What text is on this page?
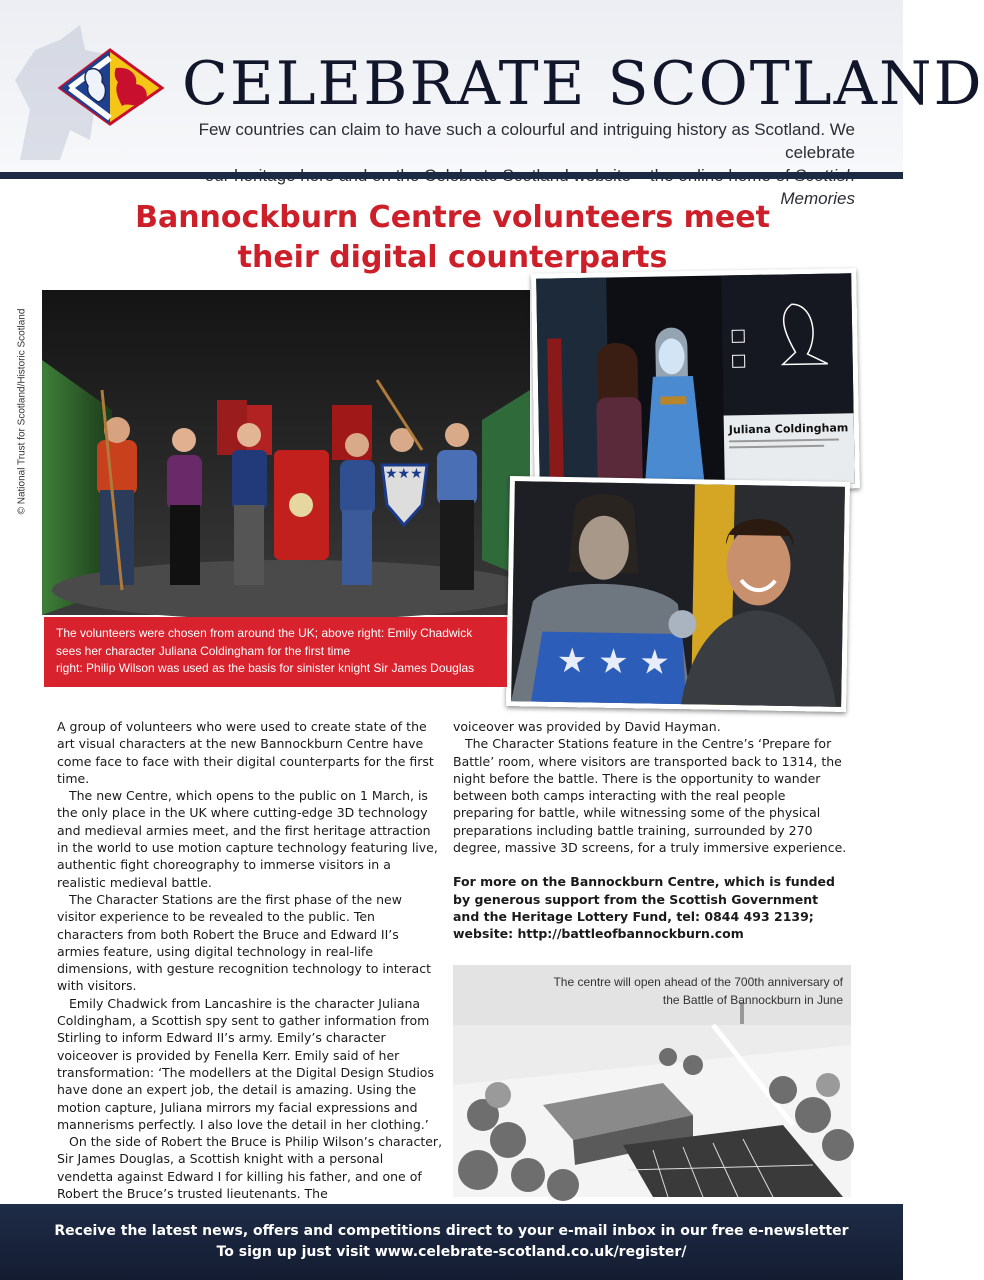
CELEBRATE SCOTLAND
Few countries can claim to have such a colourful and intriguing history as Scotland. We celebrate
Memories
Bannockburn Centre volunteers meet
their digital counterparts
© National Trust for Scotland/Historic Scotland	★★★
Juliana Coldingham
★ ★ ★
The volunteers were chosen from around the UK; above right: Emily Chadwick
sees her character Juliana Coldingham for the first time
right: Philip Wilson was used as the basis for sinister knight Sir James Douglas

A group of volunteers who were used to create state of the art visual characters at the new Bannockburn Centre have come face to face with their digital counterparts for the first time.

The new Centre, which opens to the public on 1 March, is the only place in the UK where cutting-edge 3D technology and medieval armies meet, and the first heritage attraction in the world to use motion capture technology featuring live, authentic fight choreography to immerse visitors in a realistic medieval battle.

The Character Stations are the first phase of the new visitor experience to be revealed to the public. Ten characters from both Robert the Bruce and Edward II’s armies feature, using digital technology in real-life dimensions, with gesture recognition technology to interact with visitors.

Emily Chadwick from Lancashire is the character Juliana Coldingham, a Scottish spy sent to gather information from Stirling to inform Edward II’s army. Emily’s character voiceover is provided by Fenella Kerr. Emily said of her transformation: ‘The modellers at the Digital Design Studios have done an expert job, the detail is amazing. Using the motion capture, Juliana mirrors my facial expressions and mannerisms perfectly. I also love the detail in her clothing.’

On the side of Robert the Bruce is Philip Wilson’s character, Sir James Douglas, a Scottish knight with a personal vendetta against Edward I for killing his father, and one of Robert the Bruce’s trusted lieutenants. The

voiceover was provided by David Hayman.

The Character Stations feature in the Centre’s ‘Prepare for Battle’ room, where visitors are transported back to 1314, the night before the battle. There is the opportunity to wander between both camps interacting with the real people preparing for battle, while witnessing some of the physical preparations including battle training, surrounded by 270 degree, massive 3D screens, for a truly immersive experience.

For more on the Bannockburn Centre, which is funded by generous support from the Scottish Government and the Heritage Lottery Fund, tel: 0844 493 2139; website: http://battleofbannockburn.com

The centre will open ahead of the 700th anniversary of the Battle of Bannockburn in June
Receive the latest news, offers and competitions direct to your e-mail inbox in our free e-newsletter
To sign up just visit www.celebrate-scotland.co.uk/register/
